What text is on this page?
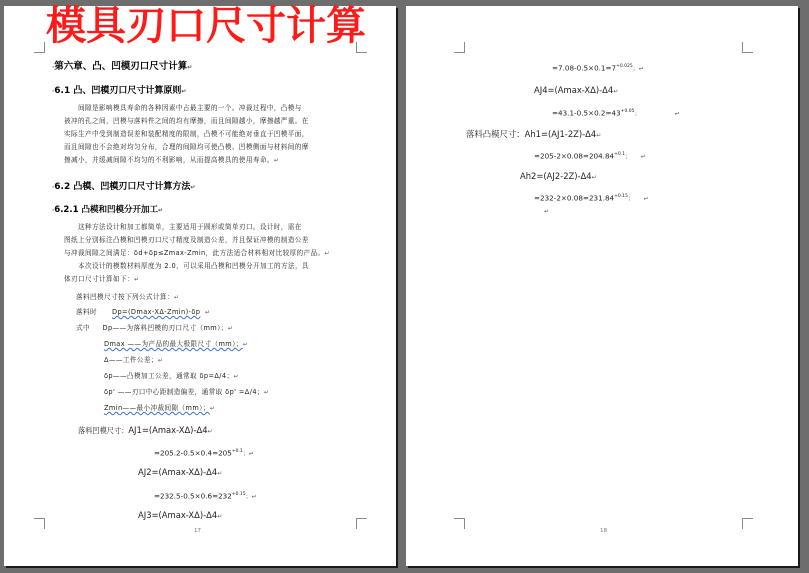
·第六章、凸、凹模刃口尺寸计算↵
·6.1 凸、凹模刃口尺寸计算原则↵
　　间隙是影响模具寿命的各种因素中占最主要的一个。冲裁过程中，凸模与
被冲的孔之间，凹模与落料件之间的均有摩擦，而且间隙越小，摩擦越严重。在
实际生产中受到制造误差和装配精度的限制，凸模不可能绝对垂直于凹模平面，
而且间隙也不会绝对均匀分布，合理的间隙均可使凸模、凹模侧面与材料间的摩
擦减小，并缓减间隙不均匀的不利影响，从而提高模具的使用寿命。↵
·6.2 凸模、凹模刃口尺寸计算方法↵
·6.2.1 凸模和凹模分开加工↵
　　这种方法设计和加工都简单，主要适用于圆形或简单刃口。设计时，需在
图纸上分别标注凸模和凹模刃口尺寸精度及制造公差，并且保证冲模的制造公差
与冲裁间隙之间满足：δd+δp≤Zmax-Zmin，此方法适合材料相对比较厚的产品。↵
　　本次设计的模数材料厚度为 2.0，可以采用凸模和凹模分开加工的方法，具
体刃口尺寸计算如下：↵
落料凹模尺寸按下列公式计算：↵
落料时 Dp=(Dmax-XΔ-Zmin)-δp  ↵
式中 Dp——为落料凹模的刃口尺寸（mm）；↵
Dmax ——为产品的最大极限尺寸（mm）；↵
Δ——工件公差；↵
δp——凸模加工公差，通常取 δp=Δ/4；↵
δp' ——刃口中心距制造偏差，通常取 δp' =Δ/4；↵
Zmin——最小冲裁间隙（mm）；↵
落料凹模尺寸：AJ1=(Amax-XΔ)-Δ4↵
$=205.2-0.5\times 0.4=205^{+0.1}$；↵
AJ2=(Amax-XΔ)-Δ4↵
$=232.5-0.5\times 0.6=232^{+0.15}$；↵
AJ3=(Amax-XΔ)-Δ4↵
17
模具刃口尺寸计算
$=7.08-0.5\times 0.1=7^{+0.025}$；↵
AJ4=(Amax-XΔ)-Δ4↵
$=43.1-0.5\times 0.2=43^{+0.05}$；                  ↵
落料凸模尺寸：Ah1=(AJ1-2Z)-Δ4↵
$=205-2\times 0.08=204.84^{+0.1}$；     ↵
Ah2=(AJ2-2Z)-Δ4↵
$=232-2\times 0.08=231.84^{+0.15}$；     ↵
↵
18
